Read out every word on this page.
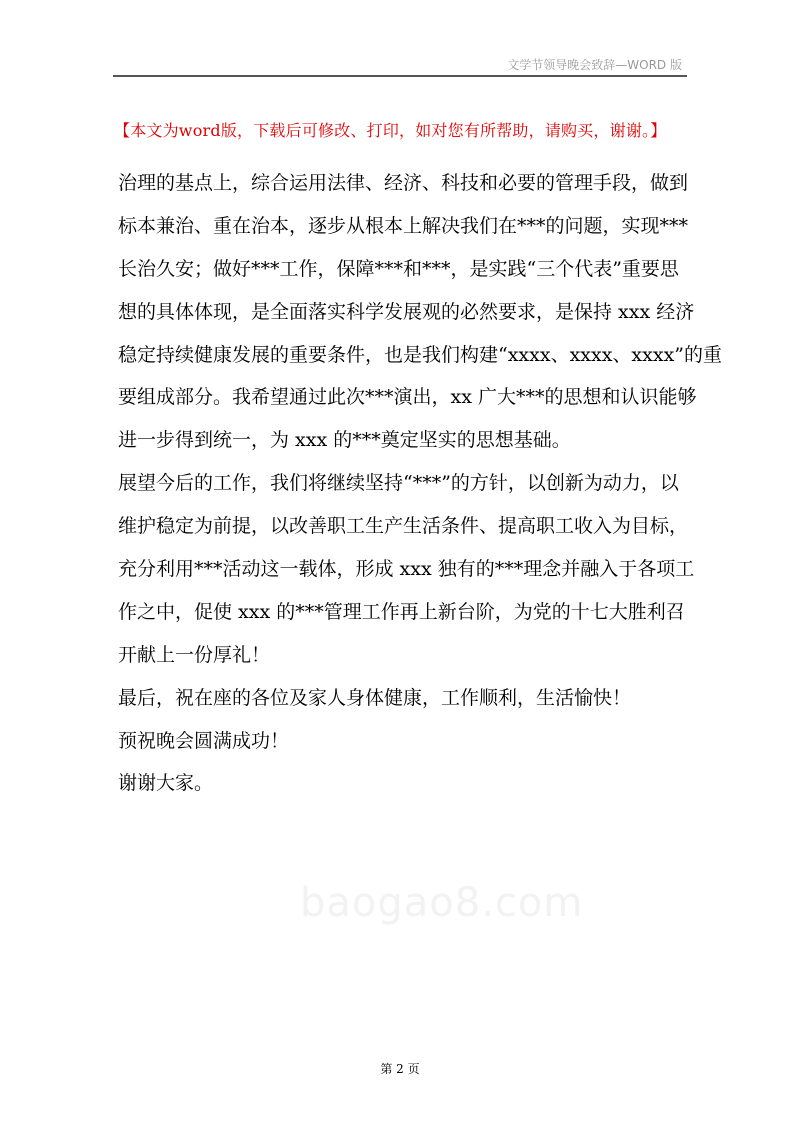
文学节领导晚会致辞—WORD 版
【本文为word版，下载后可修改、打印，如对您有所帮助，请购买，谢谢。】
baogao8.com
治理的基点上，综合运用法律、经济、科技和必要的管理手段，做到
标本兼治、重在治本，逐步从根本上解决我们在***的问题，实现***
长治久安；做好***工作，保障***和***，是实践“三个代表”重要思
想的具体体现，是全面落实科学发展观的必然要求，是保持 xxx 经济
稳定持续健康发展的重要条件，也是我们构建“xxxx、xxxx、xxxx”的重
要组成部分。我希望通过此次***演出，xx 广大***的思想和认识能够
进一步得到统一，为 xxx 的***奠定坚实的思想基础。
展望今后的工作，我们将继续坚持“***”的方针，以创新为动力，以
维护稳定为前提，以改善职工生产生活条件、提高职工收入为目标，
充分利用***活动这一载体，形成 xxx 独有的***理念并融入于各项工
作之中，促使 xxx 的***管理工作再上新台阶，为党的十七大胜利召
开献上一份厚礼！
最后，祝在座的各位及家人身体健康，工作顺利，生活愉快！
预祝晚会圆满成功！
谢谢大家。
第 2 页
